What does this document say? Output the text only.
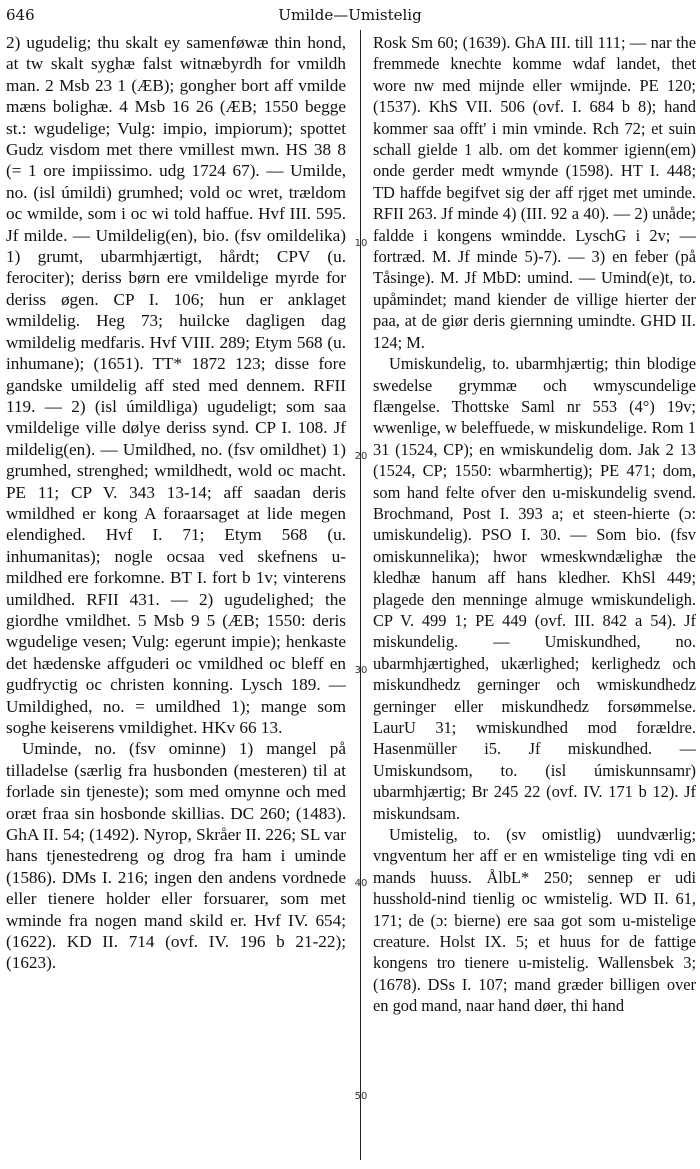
646	Umilde—Umistelig

2) ugudelig; thu skalt ey samenføwæ thin hond, at tw skalt syghæ falst witnæbyrdh for vmildh man. 2 Msb 23 1 (ÆB); gongher bort aff vmilde mæns bolighæ. 4 Msb 16 26 (ÆB; 1550 begge st.: wgudelige; Vulg: impio, impiorum); spottet Gudz visdom met there vmillest mwn. HS 38 8 (= 1 ore impiissimo. udg 1724 67). — Umilde, no. (isl úmildi) grumhed; vold oc wret, trældom oc wmilde, som i oc wi told haffue. Hvf III. 595. Jf milde. — Umildelig(en), bio. (fsv omildelika) 1) grumt, ubarmhjærtigt, hårdt; CPV (u. ferociter); deriss børn ere vmildelige myrde for deriss øgen. CP I. 106; hun er anklaget wmildelig. Heg 73; huilcke dagligen dag wmildelig medfaris. Hvf VIII. 289; Etym 568 (u. inhumane); (1651). TT* 1872 123; disse fore gandske umildelig aff sted med dennem. RFII 119. — 2) (isl úmildliga) ugudeligt; som saa vmildelige ville dølye deriss synd. CP I. 108. Jf mildelig(en). — Umildhed, no. (fsv omildhet) 1) grumhed, strenghed; wmildhedt, wold oc macht. PE 11; CP V. 343 13-14; aff saadan deris wmildhed er kong A foraarsaget at lide megen elendighed. Hvf I. 71; Etym 568 (u. inhumanitas); nogle ocsaa ved skefnens u-mildhed ere forkomne. BT I. fort b 1v; vinterens umildhed. RFII 431. — 2) ugudelighed; the giordhe vmildhet. 5 Msb 9 5 (ÆB; 1550: deris wgudelige vesen; Vulg: egerunt impie); henkaste det hædenske affguderi oc vmildhed oc bleff en gudfryctig oc christen konning. Lysch 189. — Umildighed, no. = umildhed 1); mange som soghe keiserens vmildighet. HKv 66 13.

Uminde, no. (fsv ominne) 1) mangel på tilladelse (særlig fra husbonden (mesteren) til at forlade sin tjeneste); som med omynne och med oræt fraa sin hosbonde skillias. DC 260; (1483). GhA II. 54; (1492). Nyrop, Skråer II. 226; SL var hans tjenestedreng og drog fra ham i uminde (1586). DMs I. 216; ingen den andens vordnede eller tienere holder eller forsuarer, som met wminde fra nogen mand skild er. Hvf IV. 654; (1622). KD II. 714 (ovf. IV. 196 b 21-22); (1623).

10
20
30
40
50

Rosk Sm 60; (1639). GhA III. till 111; — nar the fremmede knechte komme wdaf landet, thet wore nw med mijnde eller wmijnde. PE 120; (1537). KhS VII. 506 (ovf. I. 684 b 8); hand kommer saa offt' i min vminde. Rch 72; et suin schall gielde 1 alb. om det kommer igienn(em) onde gerder medt wmynde (1598). HT I. 448; TD haffde begifvet sig der aff rjget met uminde. RFII 263. Jf minde 4) (III. 92 a 40). — 2) unåde; faldde i kongens wmindde. LyschG i 2v; — fortræd. M. Jf minde 5)-7). — 3) en feber (på Tåsinge). M. Jf MbD: umind. — Umind(e)t, to. upåmindet; mand kiender de villige hierter der paa, at de giør deris giernning umindte. GHD II. 124; M.

Umiskundelig, to. ubarmhjærtig; thin blodige swedelse grymmæ och wmyscundelige flængelse. Thottske Saml nr 553 (4°) 19v; wwenlige, w beleffuede, w miskundelige. Rom 1 31 (1524, CP); en wmiskundelig dom. Jak 2 13 (1524, CP; 1550: wbarmhertig); PE 471; dom, som hand felte ofver den u-miskundelig svend. Brochmand, Post I. 393 a; et steen-hierte (ɔ: umiskundelig). PSO I. 30. — Som bio. (fsv omiskunnelika); hwor wmeskwndælighæ the kledhæ hanum aff hans kledher. KhSl 449; plagede den menninge almuge wmiskundeligh. CP V. 499 1; PE 449 (ovf. III. 842 a 54). Jf miskundelig. — Umiskundhed, no. ubarmhjærtighed, ukærlighed; kerlighedz och miskundhedz gerninger och wmiskundhedz gerninger eller miskundhedz forsømmelse. LaurU 31; wmiskundhed mod forældre. Hasenmüller i5. Jf miskundhed. — Umiskundsom, to. (isl úmiskunnsamr) ubarmhjærtig; Br 245 22 (ovf. IV. 171 b 12). Jf miskundsam.

Umistelig, to. (sv omistlig) uundværlig; vngventum her aff er en wmistelige ting vdi en mands huuss. ÅlbL* 250; sennep er udi husshold-nind tienlig oc wmistelig. WD II. 61, 171; de (ɔ: bierne) ere saa got som u-mistelige creature. Holst IX. 5; et huus for de fattige kongens tro tienere u-mistelig. Wallensbek 3; (1678). DSs I. 107; mand græder billigen over en god mand, naar hand døer, thi hand
